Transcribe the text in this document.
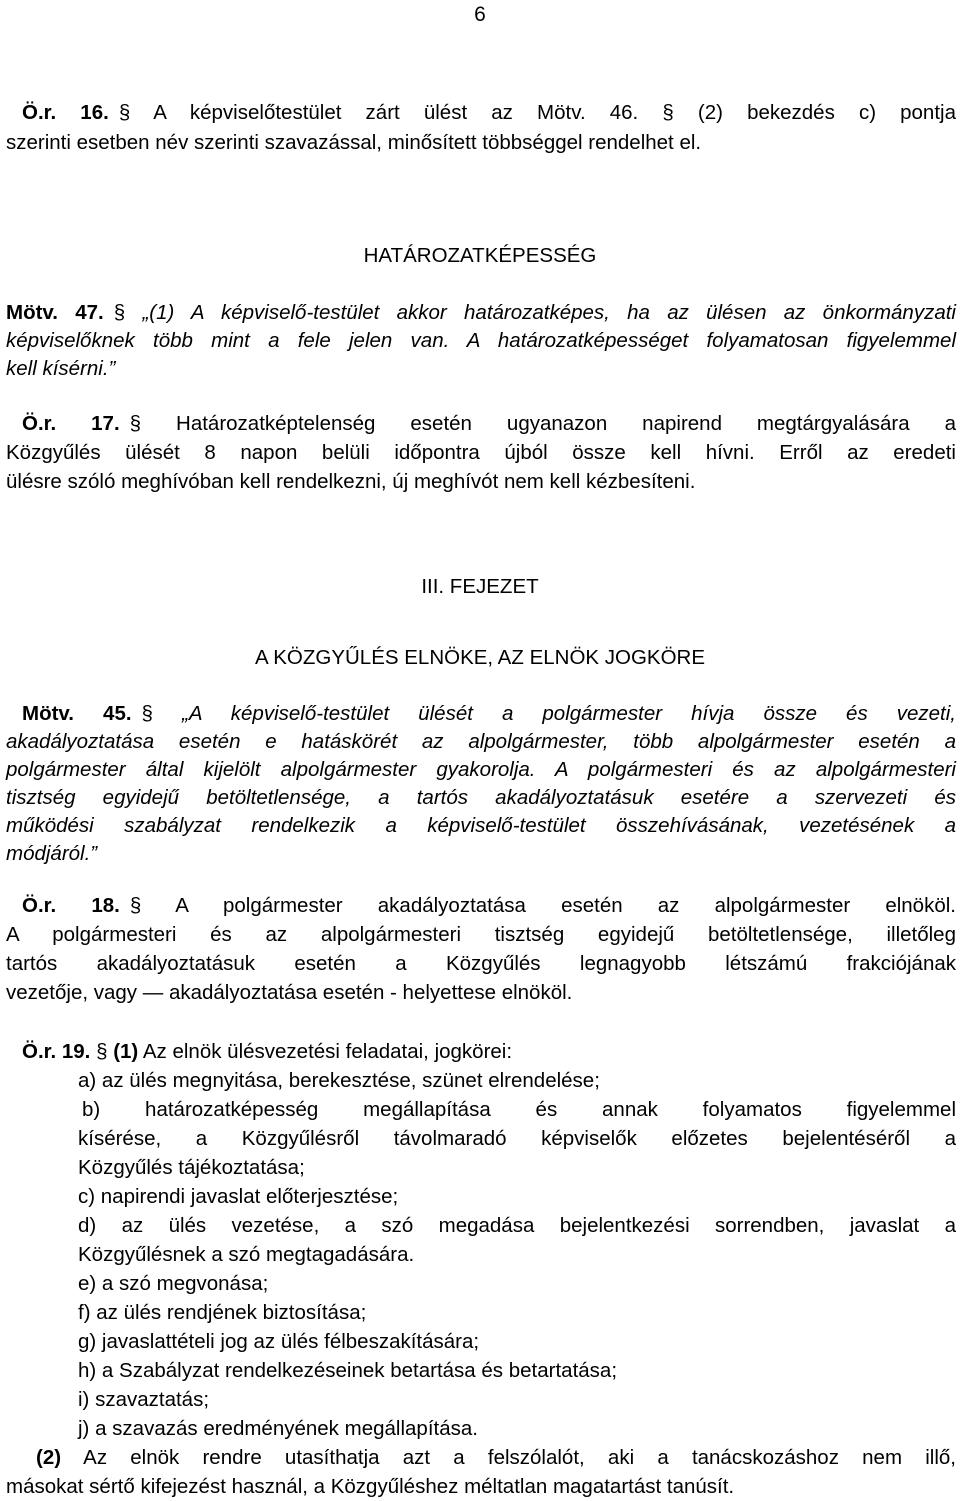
6
Ö.r. 16. § A képviselőtestület zárt ülést az Mötv. 46. § (2) bekezdés c) pontja
szerinti esetben név szerinti szavazással, minősített többséggel rendelhet el.
HATÁROZATKÉPESSÉG
Mötv. 47. § „(1) A képviselő-testület akkor határozatképes, ha az ülésen az önkormányzati
képviselőknek több mint a fele jelen van. A határozatképességet folyamatosan figyelemmel
kell kísérni.”
Ö.r. 17. § Határozatképtelenség esetén ugyanazon napirend megtárgyalására a
Közgyűlés ülését 8 napon belüli időpontra újból össze kell hívni. Erről az eredeti
ülésre szóló meghívóban kell rendelkezni, új meghívót nem kell kézbesíteni.
III. FEJEZET
A KÖZGYŰLÉS ELNÖKE, AZ ELNÖK JOGKÖRE
Mötv. 45. § „A képviselő-testület ülését a polgármester hívja össze és vezeti,
akadályoztatása esetén e hatáskörét az alpolgármester, több alpolgármester esetén a
polgármester által kijelölt alpolgármester gyakorolja. A polgármesteri és az alpolgármesteri
tisztség egyidejű betöltetlensége, a tartós akadályoztatásuk esetére a szervezeti és
működési szabályzat rendelkezik a képviselő-testület összehívásának, vezetésének a
módjáról.”
Ö.r. 18. § A polgármester akadályoztatása esetén az alpolgármester elnököl.
A polgármesteri és az alpolgármesteri tisztség egyidejű betöltetlensége, illetőleg
tartós akadályoztatásuk esetén a Közgyűlés legnagyobb létszámú frakciójának
vezetője, vagy — akadályoztatása esetén - helyettese elnököl.
Ö.r. 19. § (1) Az elnök ülésvezetési feladatai, jogkörei:
a) az ülés megnyitása, berekesztése, szünet elrendelése;
b) határozatképesség megállapítása és annak folyamatos figyelemmel
kísérése, a Közgyűlésről távolmaradó képviselők előzetes bejelentéséről a
Közgyűlés tájékoztatása;
c) napirendi javaslat előterjesztése;
d) az ülés vezetése, a szó megadása bejelentkezési sorrendben, javaslat a
Közgyűlésnek a szó megtagadására.
e) a szó megvonása;
f) az ülés rendjének biztosítása;
g) javaslattételi jog az ülés félbeszakítására;
h) a Szabályzat rendelkezéseinek betartása és betartatása;
i) szavaztatás;
j) a szavazás eredményének megállapítása.
(2) Az elnök rendre utasíthatja azt a felszólalót, aki a tanácskozáshoz nem illő,
másokat sértő kifejezést használ, a Közgyűléshez méltatlan magatartást tanúsít.
